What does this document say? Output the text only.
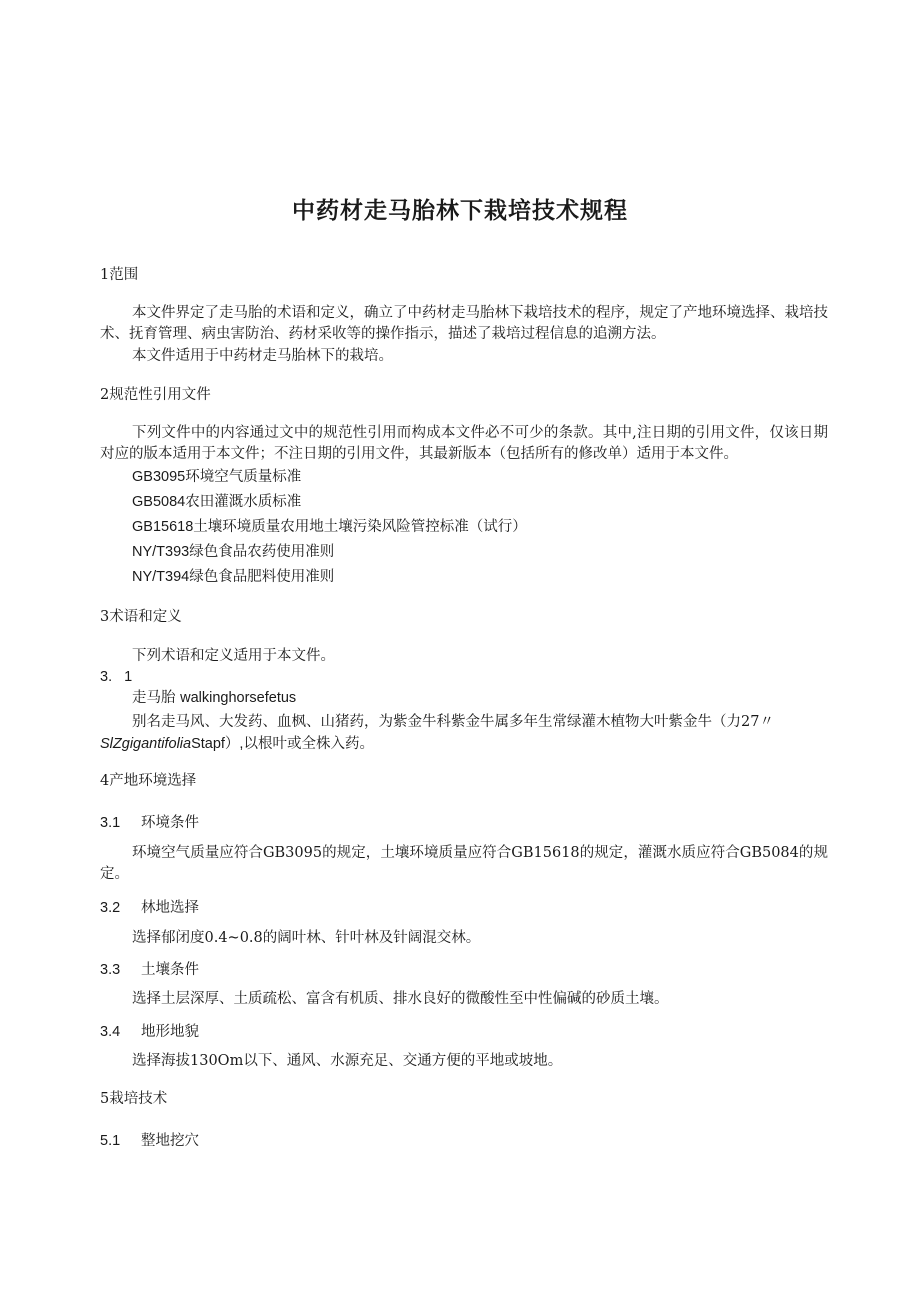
中药材走马胎林下栽培技术规程
1范围
本文件界定了走马胎的术语和定义，确立了中药材走马胎林下栽培技术的程序，规定了产地环境选择、栽培技术、抚育管理、病虫害防治、药材采收等的操作指示，描述了栽培过程信息的追溯方法。
本文件适用于中药材走马胎林下的栽培。
2规范性引用文件
下列文件中的内容通过文中的规范性引用而构成本文件必不可少的条款。其中,注日期的引用文件，仅该日期对应的版本适用于本文件；不注日期的引用文件，其最新版本（包括所有的修改单）适用于本文件。
GB3095环境空气质量标准
GB5084农田灌溉水质标准
GB15618土壤环境质量农用地土壤污染风险管控标准（试行）
NY/T393绿色食品农药使用准则
NY/T394绿色食品肥料使用准则
3术语和定义
下列术语和定义适用于本文件。
3.   1
走马胎 walkinghorsefetus
别名走马风、大发药、血枫、山猪药，为紫金牛科紫金牛属多年生常绿灌木植物大叶紫金牛（力27〃
SlZgigantifoliaStapf）,以根叶或全株入药。
4产地环境选择
3.1 环境条件
环境空气质量应符合GB3095的规定，土壤环境质量应符合GB15618的规定，灌溉水质应符合GB5084的规定。
3.2 林地选择
选择郁闭度0.4~0.8的阔叶林、针叶林及针阔混交林。
3.3 土壤条件
选择土层深厚、土质疏松、富含有机质、排水良好的微酸性至中性偏碱的砂质土壤。
3.4 地形地貌
选择海拔130Om以下、通风、水源充足、交通方便的平地或坡地。
5栽培技术
5.1 整地挖穴
